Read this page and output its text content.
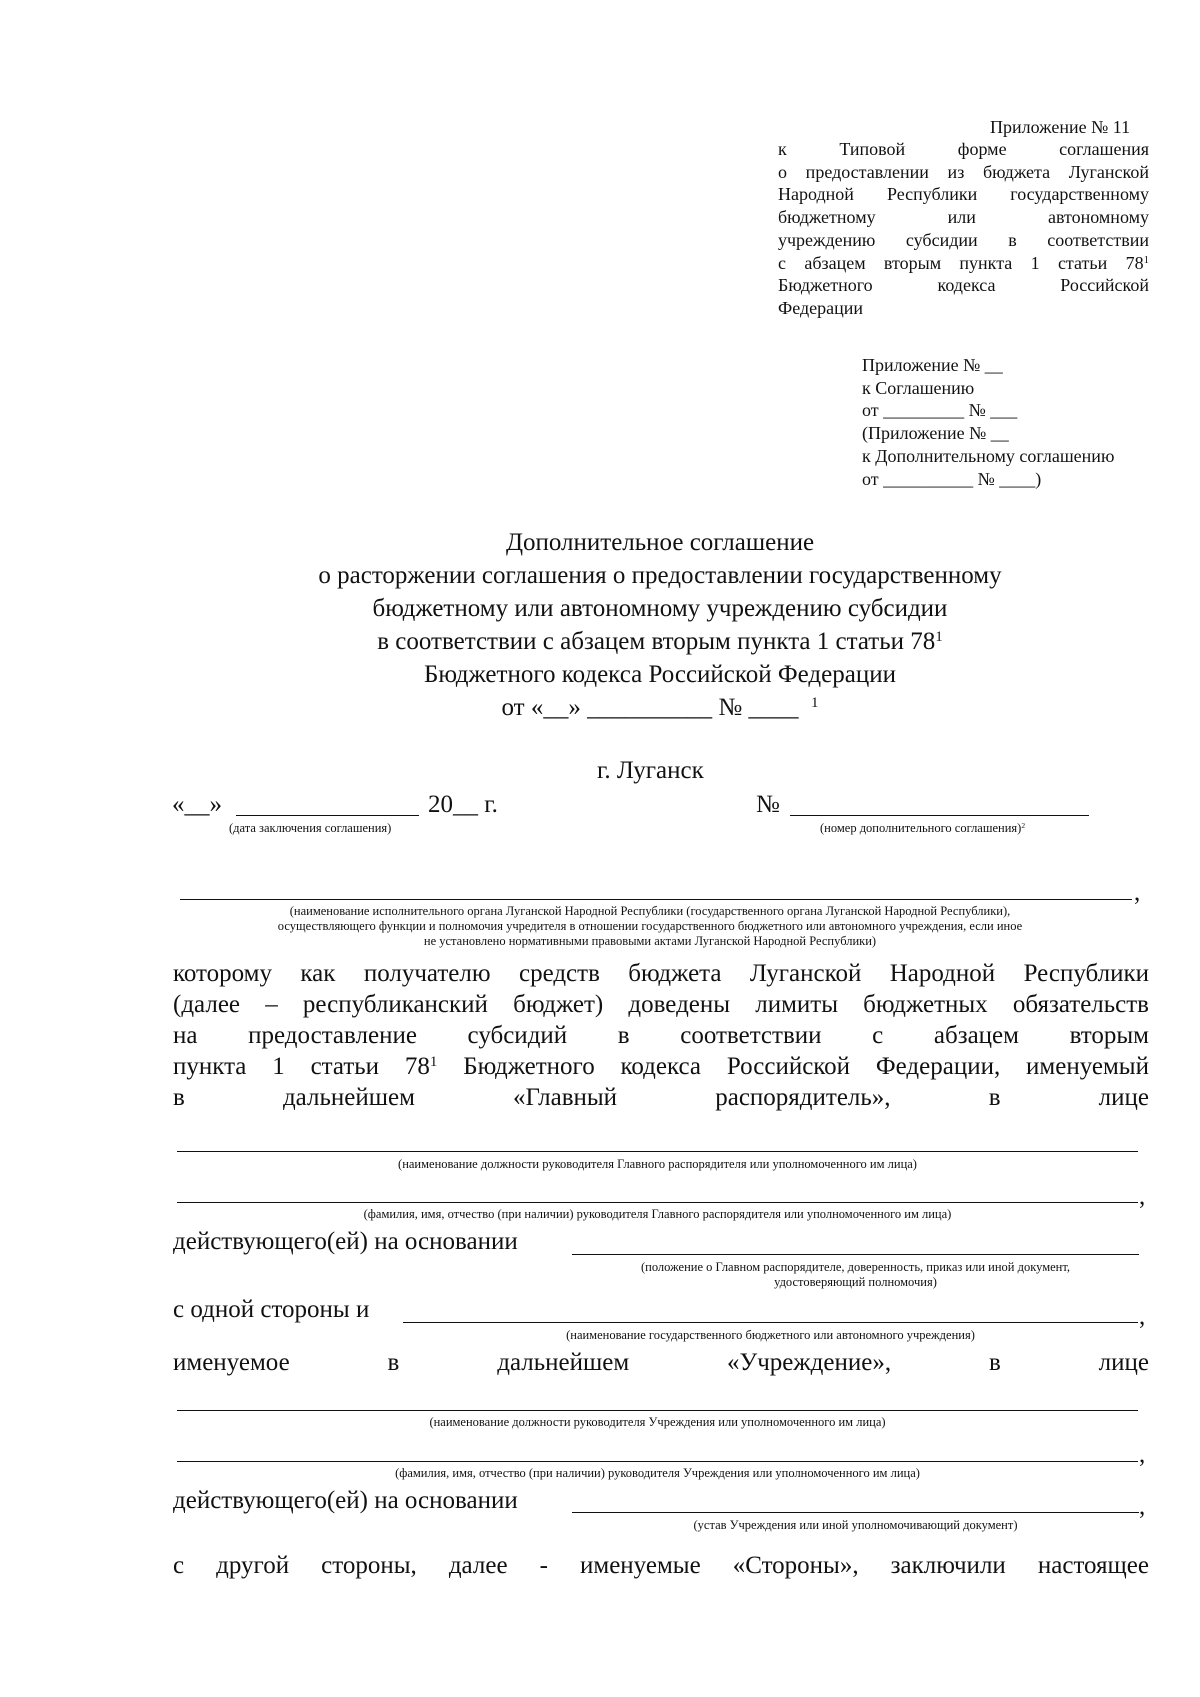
Приложение № 11
к Типовой форме соглашения
о предоставлении из бюджета Луганской
Народной Республики государственному
бюджетному или автономному
учреждению субсидии в соответствии
с абзацем вторым пункта 1 статьи $78^1$
Бюджетного кодекса Российской
Федерации
Приложение № __
к Соглашению
от _________ № ___
(Приложение № __
к Дополнительному соглашению
от __________ № ____)
Дополнительное соглашение
о расторжении соглашения о предоставлении государственному
бюджетному или автономному учреждению субсидии
в соответствии с абзацем вторым пункта 1 статьи $78^1$
Бюджетного кодекса Российской Федерации
от «__» __________ № ____ $^1$
г. Луганск
«__»	20__ г.
(дата заключения соглашения)
№
(номер дополнительного соглашения)$^2$
,
(наименование исполнительного органа Луганской Народной Республики (государственного органа Луганской Народной Республики),
осуществляющего функции и полномочия учредителя в отношении государственного бюджетного или автономного учреждения, если иное
не установлено нормативными правовыми актами Луганской Народной Республики)
которому как получателю средств бюджета Луганской Народной Республики
(далее – республиканский бюджет) доведены лимиты бюджетных обязательств
на предоставление субсидий в соответствии с абзацем вторым
пункта 1 статьи $78^1$ Бюджетного кодекса Российской Федерации, именуемый
в дальнейшем «Главный распорядитель», в лице
(наименование должности руководителя Главного распорядителя или уполномоченного им лица)
,
(фамилия, имя, отчество (при наличии) руководителя Главного распорядителя или уполномоченного им лица)
действующего(ей) на основании
(положение о Главном распорядителе, доверенность, приказ или иной документ,
удостоверяющий полномочия)
с одной стороны и	,
(наименование государственного бюджетного или автономного учреждения)
именуемое в дальнейшем «Учреждение», в лице
(наименование должности руководителя Учреждения или уполномоченного им лица)
,
(фамилия, имя, отчество (при наличии) руководителя Учреждения или уполномоченного им лица)
действующего(ей) на основании	,
(устав Учреждения или иной уполномочивающий документ)
с другой стороны, далее - именуемые «Стороны», заключили настоящее
